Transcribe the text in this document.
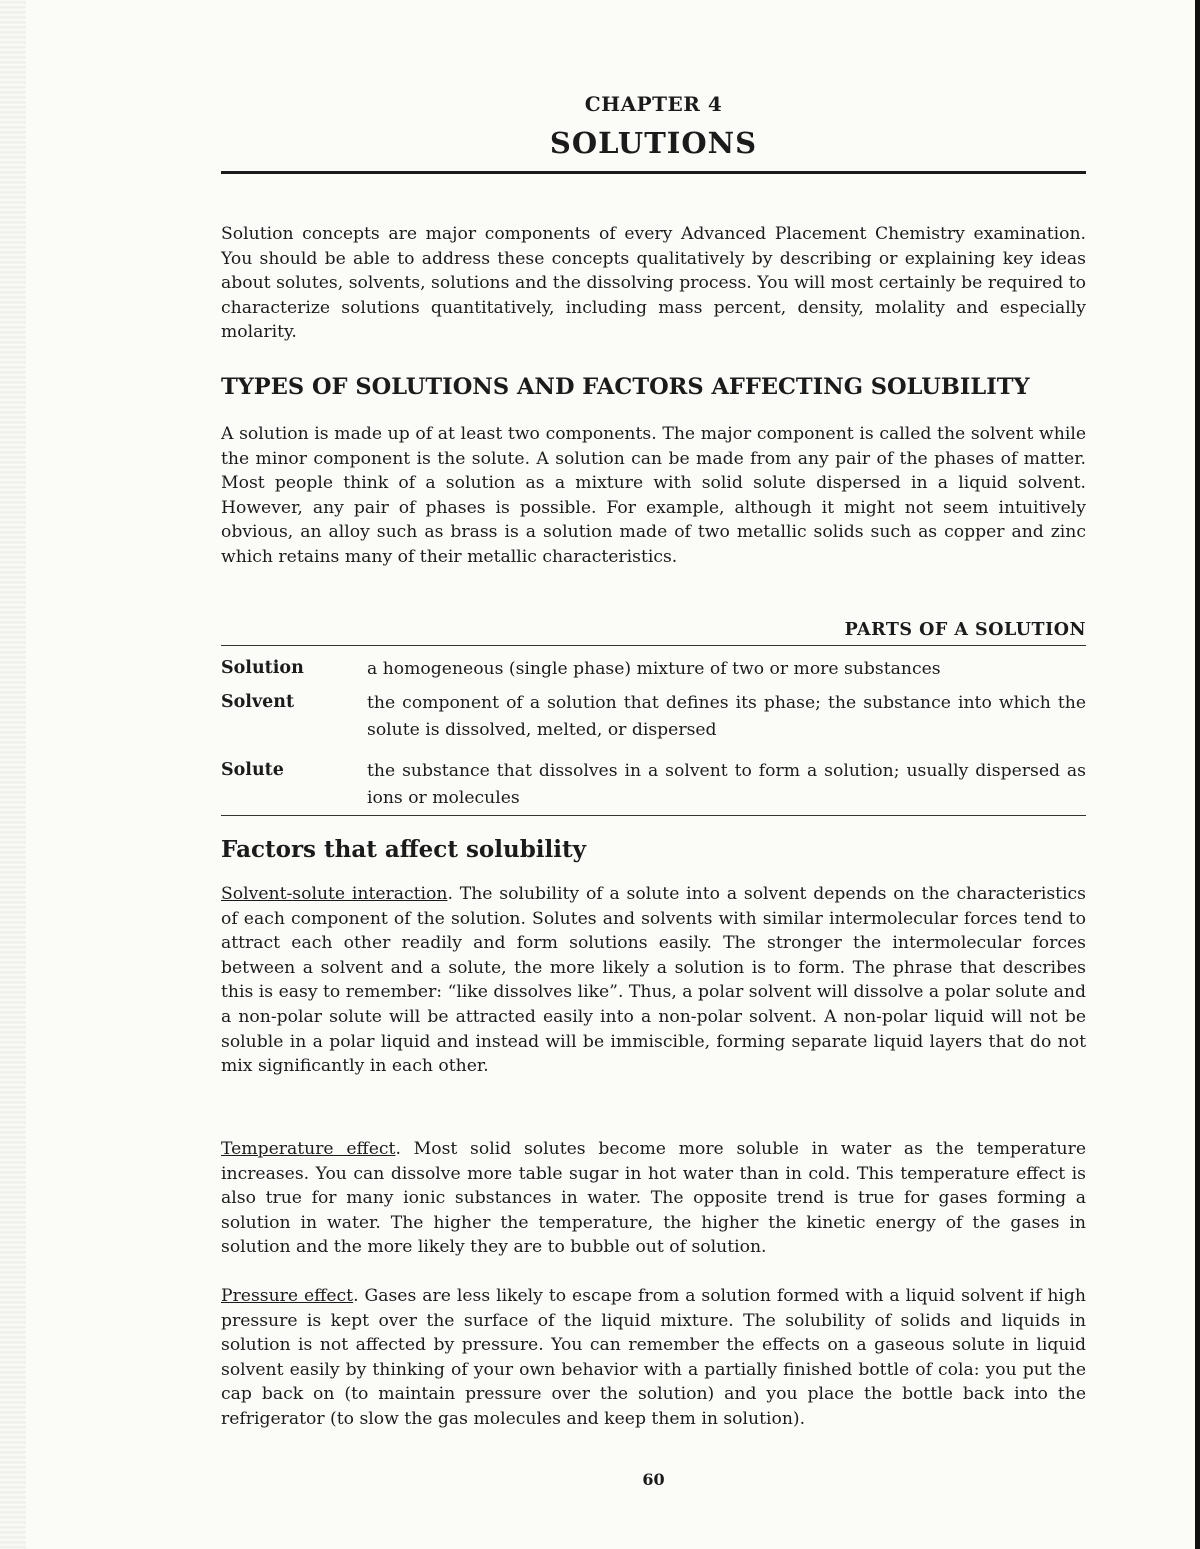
CHAPTER 4
SOLUTIONS

Solution concepts are major components of every Advanced Placement Chemistry examination. You should be able to address these concepts qualitatively by describing or explaining key ideas about solutes, solvents, solutions and the dissolving process. You will most certainly be required to characterize solutions quantitatively, including mass percent, density, molality and especially molarity.

TYPES OF SOLUTIONS AND FACTORS AFFECTING SOLUBILITY

A solution is made up of at least two components. The major component is called the solvent while the minor component is the solute. A solution can be made from any pair of the phases of matter. Most people think of a solution as a mixture with solid solute dispersed in a liquid solvent. However, any pair of phases is possible. For example, although it might not seem intuitively obvious, an alloy such as brass is a solution made of two metallic solids such as copper and zinc which retains many of their metallic characteristics.

PARTS OF A SOLUTION
Solution	a homogeneous (single phase) mixture of two or more substances

Solvent	the component of a solution that defines its phase; the substance into which the solute is dissolved, melted, or dispersed

Solute	the substance that dissolves in a solvent to form a solution; usually dispersed as ions or molecules

Factors that affect solubility

Solvent-solute interaction. The solubility of a solute into a solvent depends on the characteristics of each component of the solution. Solutes and solvents with similar intermolecular forces tend to attract each other readily and form solutions easily. The stronger the intermolecular forces between a solvent and a solute, the more likely a solution is to form. The phrase that describes this is easy to remember: “like dissolves like”. Thus, a polar solvent will dissolve a polar solute and a non-polar solute will be attracted easily into a non-polar solvent. A non-polar liquid will not be soluble in a polar liquid and instead will be immiscible, forming separate liquid layers that do not mix significantly in each other.

Temperature effect. Most solid solutes become more soluble in water as the temperature increases. You can dissolve more table sugar in hot water than in cold. This temperature effect is also true for many ionic substances in water. The opposite trend is true for gases forming a solution in water. The higher the temperature, the higher the kinetic energy of the gases in solution and the more likely they are to bubble out of solution.

Pressure effect. Gases are less likely to escape from a solution formed with a liquid solvent if high pressure is kept over the surface of the liquid mixture. The solubility of solids and liquids in solution is not affected by pressure. You can remember the effects on a gaseous solute in liquid solvent easily by thinking of your own behavior with a partially finished bottle of cola: you put the cap back on (to maintain pressure over the solution) and you place the bottle back into the refrigerator (to slow the gas molecules and keep them in solution).

60
